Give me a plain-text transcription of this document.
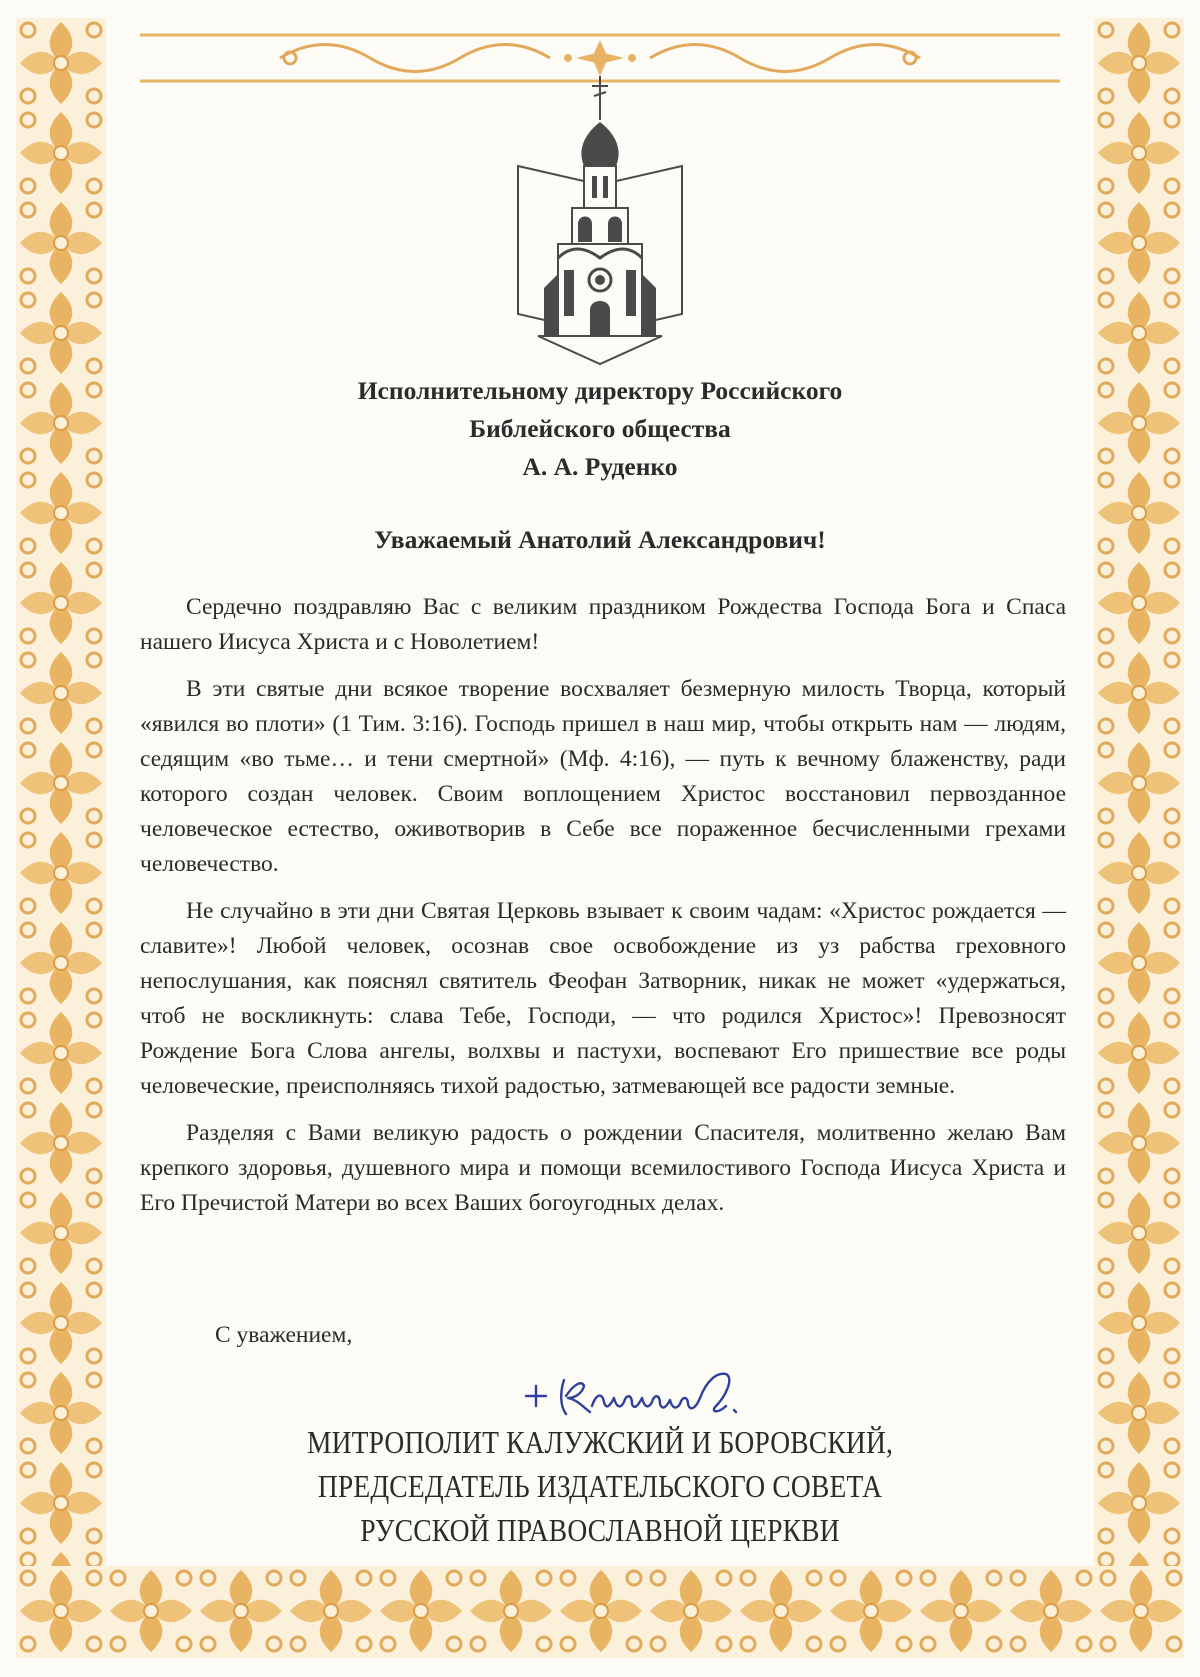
Исполнительному директору Российского
Библейского общества
А. А. Руденко
Уважаемый Анатолий Александрович!

Сердечно поздравляю Вас с великим праздником Рождества Господа Бога и Спаса нашего Иисуса Христа и с Новолетием!

В эти святые дни всякое творение восхваляет безмерную милость Творца, который «явился во плоти» (1 Тим. 3:16). Господь пришел в наш мир, чтобы открыть нам — людям, седящим «во тьме… и тени смертной» (Мф. 4:16), — путь к вечному блаженству, ради которого создан человек. Своим воплощением Христос восстановил первозданное человеческое естество, оживотворив в Себе все пораженное бесчисленными грехами человечество.

Не случайно в эти дни Святая Церковь взывает к своим чадам: «Христос рождается — славите»! Любой человек, осознав свое освобождение из уз рабства греховного непослушания, как пояснял святитель Феофан Затворник, никак не может «удержаться, чтоб не воскликнуть: слава Тебе, Господи, — что родился Христос»! Превозносят Рождение Бога Слова ангелы, волхвы и пастухи, воспевают Его пришествие все роды человеческие, преисполняясь тихой радостью, затмевающей все радости земные.

Разделяя с Вами великую радость о рождении Спасителя, молитвенно желаю Вам крепкого здоровья, душевного мира и помощи всемилостивого Господа Иисуса Христа и Его Пречистой Матери во всех Ваших богоугодных делах.

С уважением,
МИТРОПОЛИТ КАЛУЖСКИЙ И БОРОВСКИЙ,
ПРЕДСЕДАТЕЛЬ ИЗДАТЕЛЬСКОГО СОВЕТА
РУССКОЙ ПРАВОСЛАВНОЙ ЦЕРКВИ
